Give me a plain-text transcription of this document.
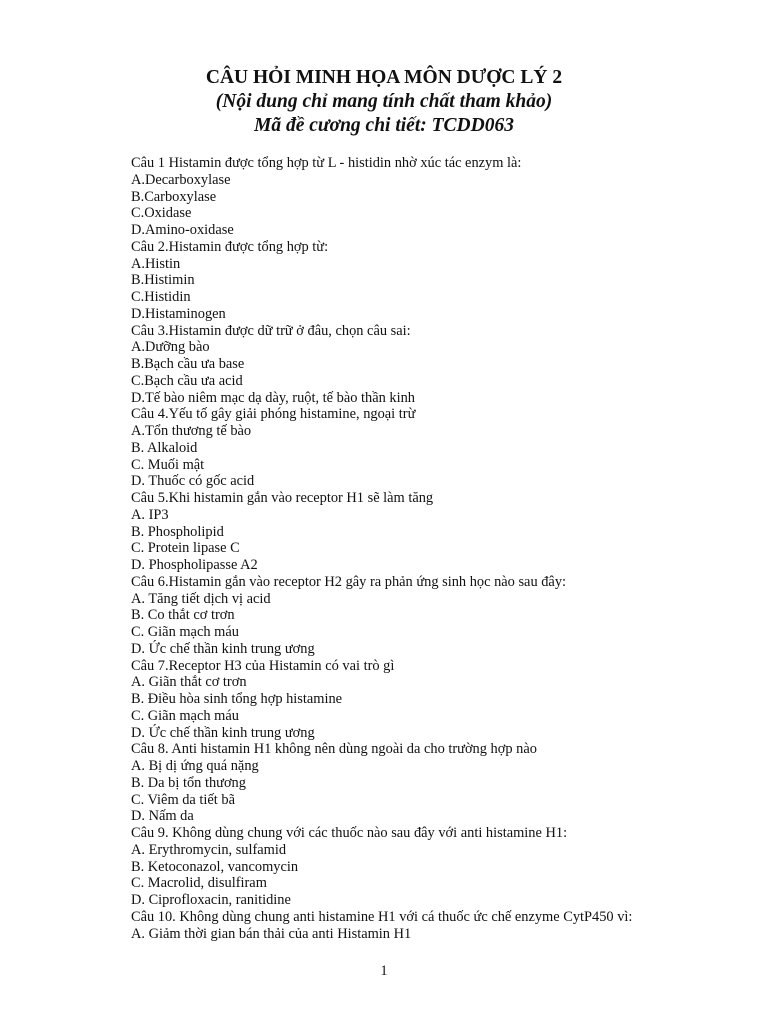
CÂU HỎI MINH HỌA MÔN DƯỢC LÝ 2
(Nội dung chỉ mang tính chất tham khảo)
Mã đề cương chi tiết: TCDD063
Câu 1 Histamin được tổng hợp từ L - histidin nhờ xúc tác enzym là:
A.Decarboxylase
B.Carboxylase
C.Oxidase
D.Amino-oxidase
Câu 2.Histamin được tổng hợp từ:
A.Histin
B.Histimin
C.Histidin
D.Histaminogen
Câu 3.Histamin được dữ trữ ở đâu, chọn câu sai:
A.Dưỡng bào
B.Bạch cầu ưa base
C.Bạch cầu ưa acid
D.Tế bào niêm mạc dạ dày, ruột, tế bào thần kinh
Câu 4.Yếu tố gây giải phóng histamine, ngoại trừ
A.Tổn thương tế bào
B. Alkaloid
C. Muối mật
D. Thuốc có gốc acid
Câu 5.Khi histamin gắn vào receptor H1 sẽ làm tăng
A. IP3
B. Phospholipid
C. Protein lipase C
D. Phospholipasse A2
Câu 6.Histamin gắn vào receptor H2 gây ra phản ứng sinh học nào sau đây:
A. Tăng tiết dịch vị acid
B. Co thắt cơ trơn
C. Giãn mạch máu
D. Ức chế thần kinh trung ương
Câu 7.Receptor H3 của Histamin có vai trò gì
A. Giãn thắt cơ trơn
B. Điều hòa sinh tổng hợp histamine
C. Giãn mạch máu
D. Ức chế thần kinh trung ương
Câu 8. Anti histamin H1 không nên dùng ngoài da cho trường hợp nào
A. Bị dị ứng quá nặng
B. Da bị tổn thương
C. Viêm da tiết bã
D. Nấm da
Câu 9. Không dùng chung với các thuốc nào sau đây với anti histamine H1:
A. Erythromycin, sulfamid
B. Ketoconazol, vancomycin
C. Macrolid, disulfiram
D. Ciprofloxacin, ranitidine
Câu 10. Không dùng chung anti histamine H1 với cá thuốc ức chế enzyme CytP450 vì:
A. Giảm thời gian bán thải của anti Histamin H1
1
